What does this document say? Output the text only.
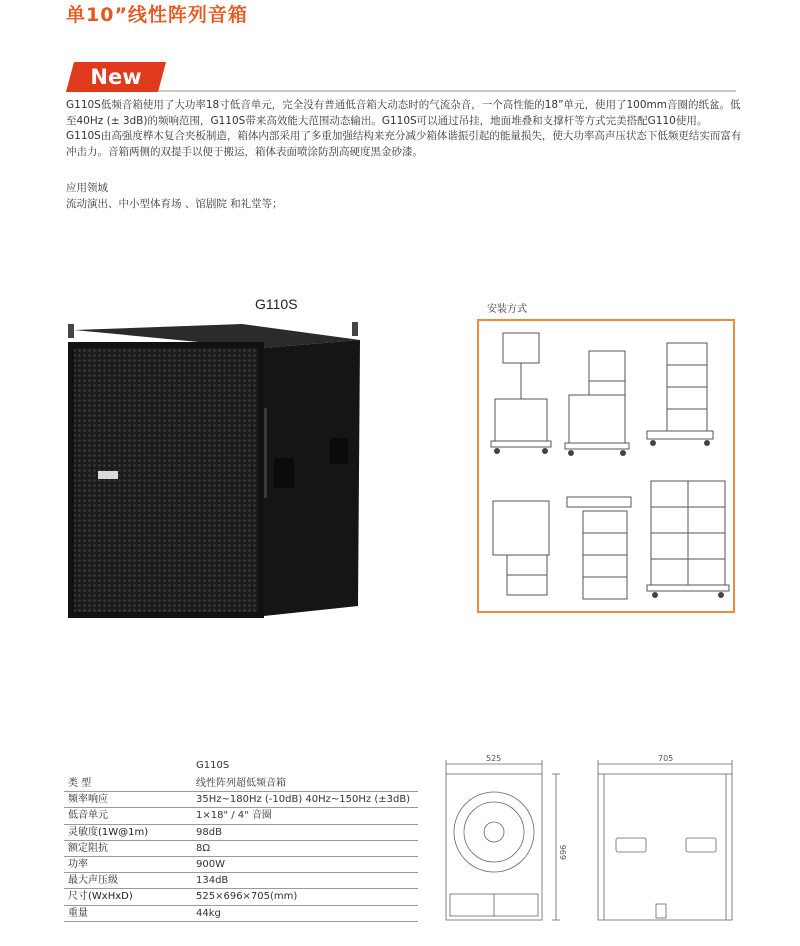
单10”线性阵列音箱
New

G110S低频音箱使用了大功率18寸低音单元，完全没有普通低音箱大动态时的气流杂音，一个高性能的18”单元，使用了100mm音圈的纸盆。低至40Hz (± 3dB)的频响范围，G110S带来高效能大范围动态输出。G110S可以通过吊挂，地面堆叠和支撑杆等方式完美搭配G110使用。

G110S由高强度桦木复合夹板制造，箱体内部采用了多重加强结构来充分减少箱体谐振引起的能量损失，使大功率高声压状态下低频更结实而富有冲击力。音箱两侧的双提手以便于搬运，箱体表面喷涂防刮高硬度黑金砂漆。

应用领域

流动演出、中小型体育场 、馆剧院 和礼堂等；

G110S	安装方式
G110S
类 型	线性阵列超低频音箱
频率响应	35Hz~180Hz (-10dB) 40Hz~150Hz (±3dB)
低音单元	1×18" / 4" 音圈
灵敏度(1W@1m)	98dB
额定阻抗	8Ω
功率	900W
最大声压级	134dB
尺寸(WxHxD)	525×696×705(mm)
重量	44kg
525
696
705
